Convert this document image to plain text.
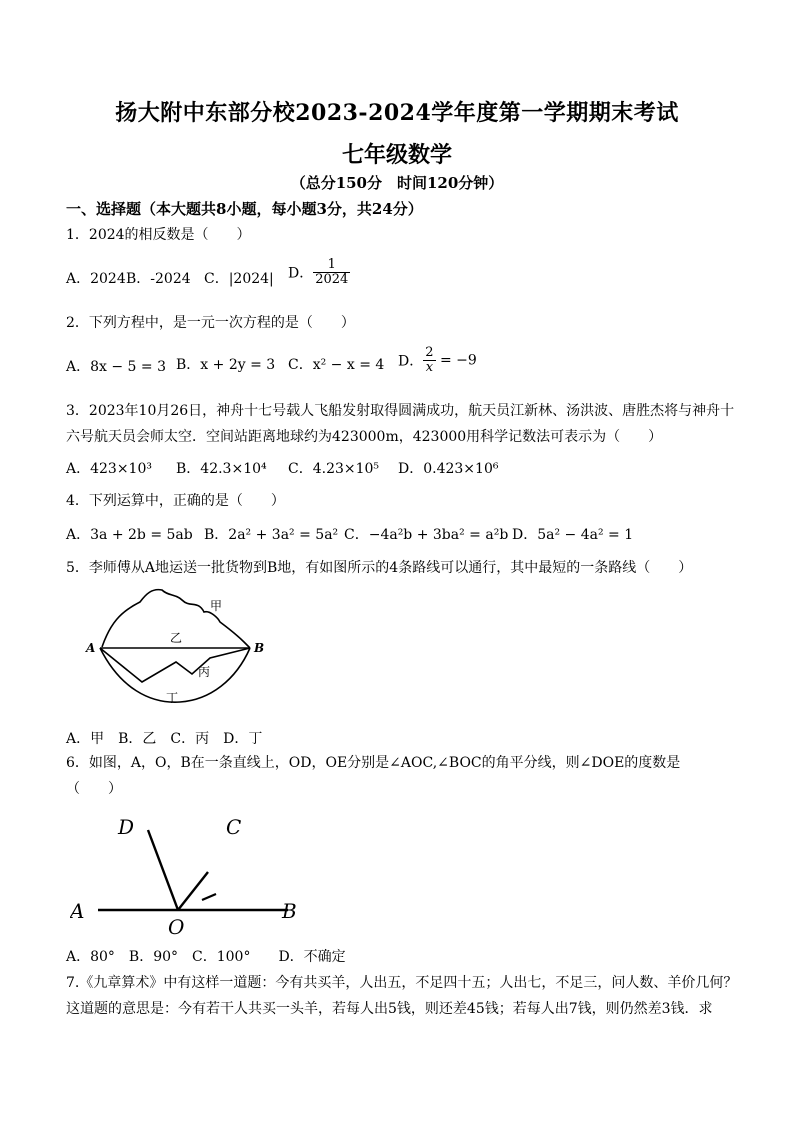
扬大附中东部分校2023-2024学年度第一学期期末考试
七年级数学
（总分150分　时间120分钟）
一、选择题（本大题共8小题，每小题3分，共24分）
1．2024的相反数是（　　）
A．2024 B．-2024 C．|2024| D． $\frac{1}{2024}$
2．下列方程中，是一元一次方程的是（　　）
A．8x − 5 = 3 B．x + 2y = 3 C．x² − x = 4 D． $\frac{2}{x} = -9$
3．2023年10月26日，神舟十七号载人飞船发射取得圆满成功，航天员江新林、汤洪波、唐胜杰将与神舟十
六号航天员会师太空．空间站距离地球约为423000m，423000用科学记数法可表示为（　　）
A．423×10³ B．42.3×10⁴ C．4.23×10⁵ D．0.423×10⁶
4．下列运算中，正确的是（　　）
A．3a + 2b = 5ab B．2a² + 3a² = 5a² C．−4a²b + 3ba² = a²b D．5a² − 4a² = 1
5．李师傅从A地运送一批货物到B地，有如图所示的4条路线可以通行，其中最短的一条路线（　　）
A	B
甲
乙
丙
丁
A．甲　B．乙　C．丙　D．丁
6．如图，A，O，B在一条直线上，OD，OE分别是∠AOC,∠BOC的角平分线，则∠DOE的度数是
（　　）
A	B
C
D
O
A．80°　B．90°　C．100°　　D．不确定
7.《九章算术》中有这样一道题：今有共买羊，人出五，不足四十五；人出七，不足三，问人数、羊价几何？
这道题的意思是：今有若干人共买一头羊，若每人出5钱，则还差45钱；若每人出7钱，则仍然差3钱．求
